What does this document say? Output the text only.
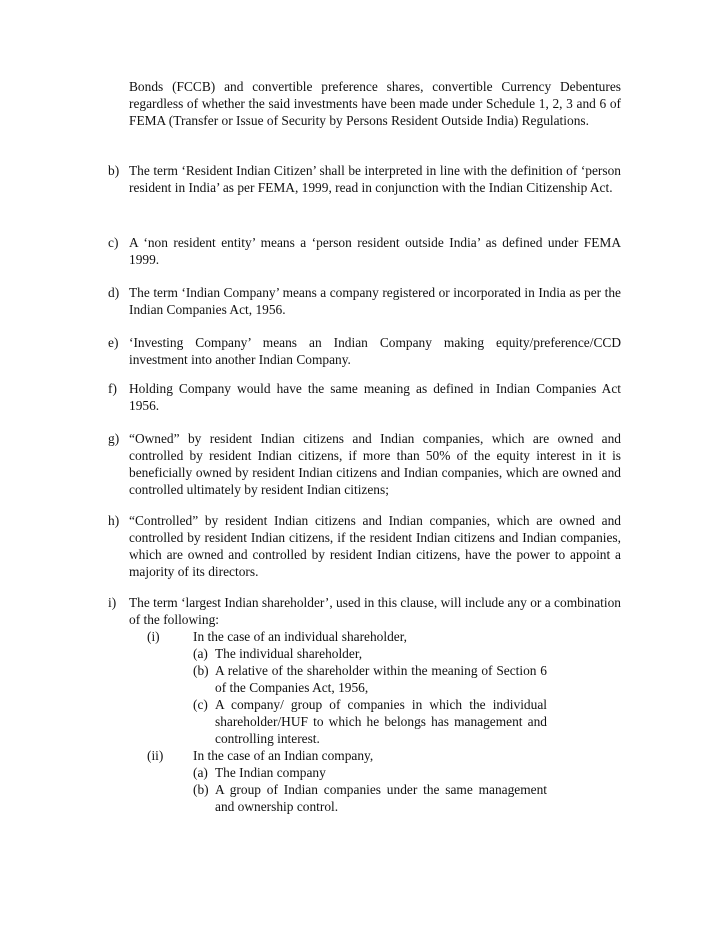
Bonds (FCCB) and convertible preference shares, convertible Currency Debentures regardless of whether the said investments have been made under Schedule 1, 2, 3 and 6 of FEMA (Transfer or Issue of Security by Persons Resident Outside India) Regulations.
b) The term ‘Resident Indian Citizen’ shall be interpreted in line with the definition of ‘person resident in India’ as per FEMA, 1999, read in conjunction with the Indian Citizenship Act.
c) A ‘non resident entity’ means a ‘person resident outside India’ as defined under FEMA 1999.
d) The term ‘Indian Company’ means a company registered or incorporated in India as per the Indian Companies Act, 1956.
e) ‘Investing Company’ means an Indian Company making equity/preference/CCD investment into another Indian Company.
f) Holding Company would have the same meaning as defined in Indian Companies Act 1956.
g) “Owned” by resident Indian citizens and Indian companies, which are owned and controlled by resident Indian citizens, if more than 50% of the equity interest in it is beneficially owned by resident Indian citizens and Indian companies, which are owned and controlled ultimately by resident Indian citizens;
h) “Controlled” by resident Indian citizens and Indian companies, which are owned and controlled by resident Indian citizens, if the resident Indian citizens and Indian companies, which are owned and controlled by resident Indian citizens, have the power to appoint a majority of its directors.
i) The term ‘largest Indian shareholder’, used in this clause, will include any or a combination of the following:
(i)	In the case of an individual shareholder,
(a) The individual shareholder,
(b) A relative of the shareholder within the meaning of Section 6 of the Companies Act, 1956,
(c) A company/ group of companies in which the individual shareholder/HUF to which he belongs has management and controlling interest.
(ii)	In the case of an Indian company,
(a) The Indian company
(b) A group of Indian companies under the same management and ownership control.
